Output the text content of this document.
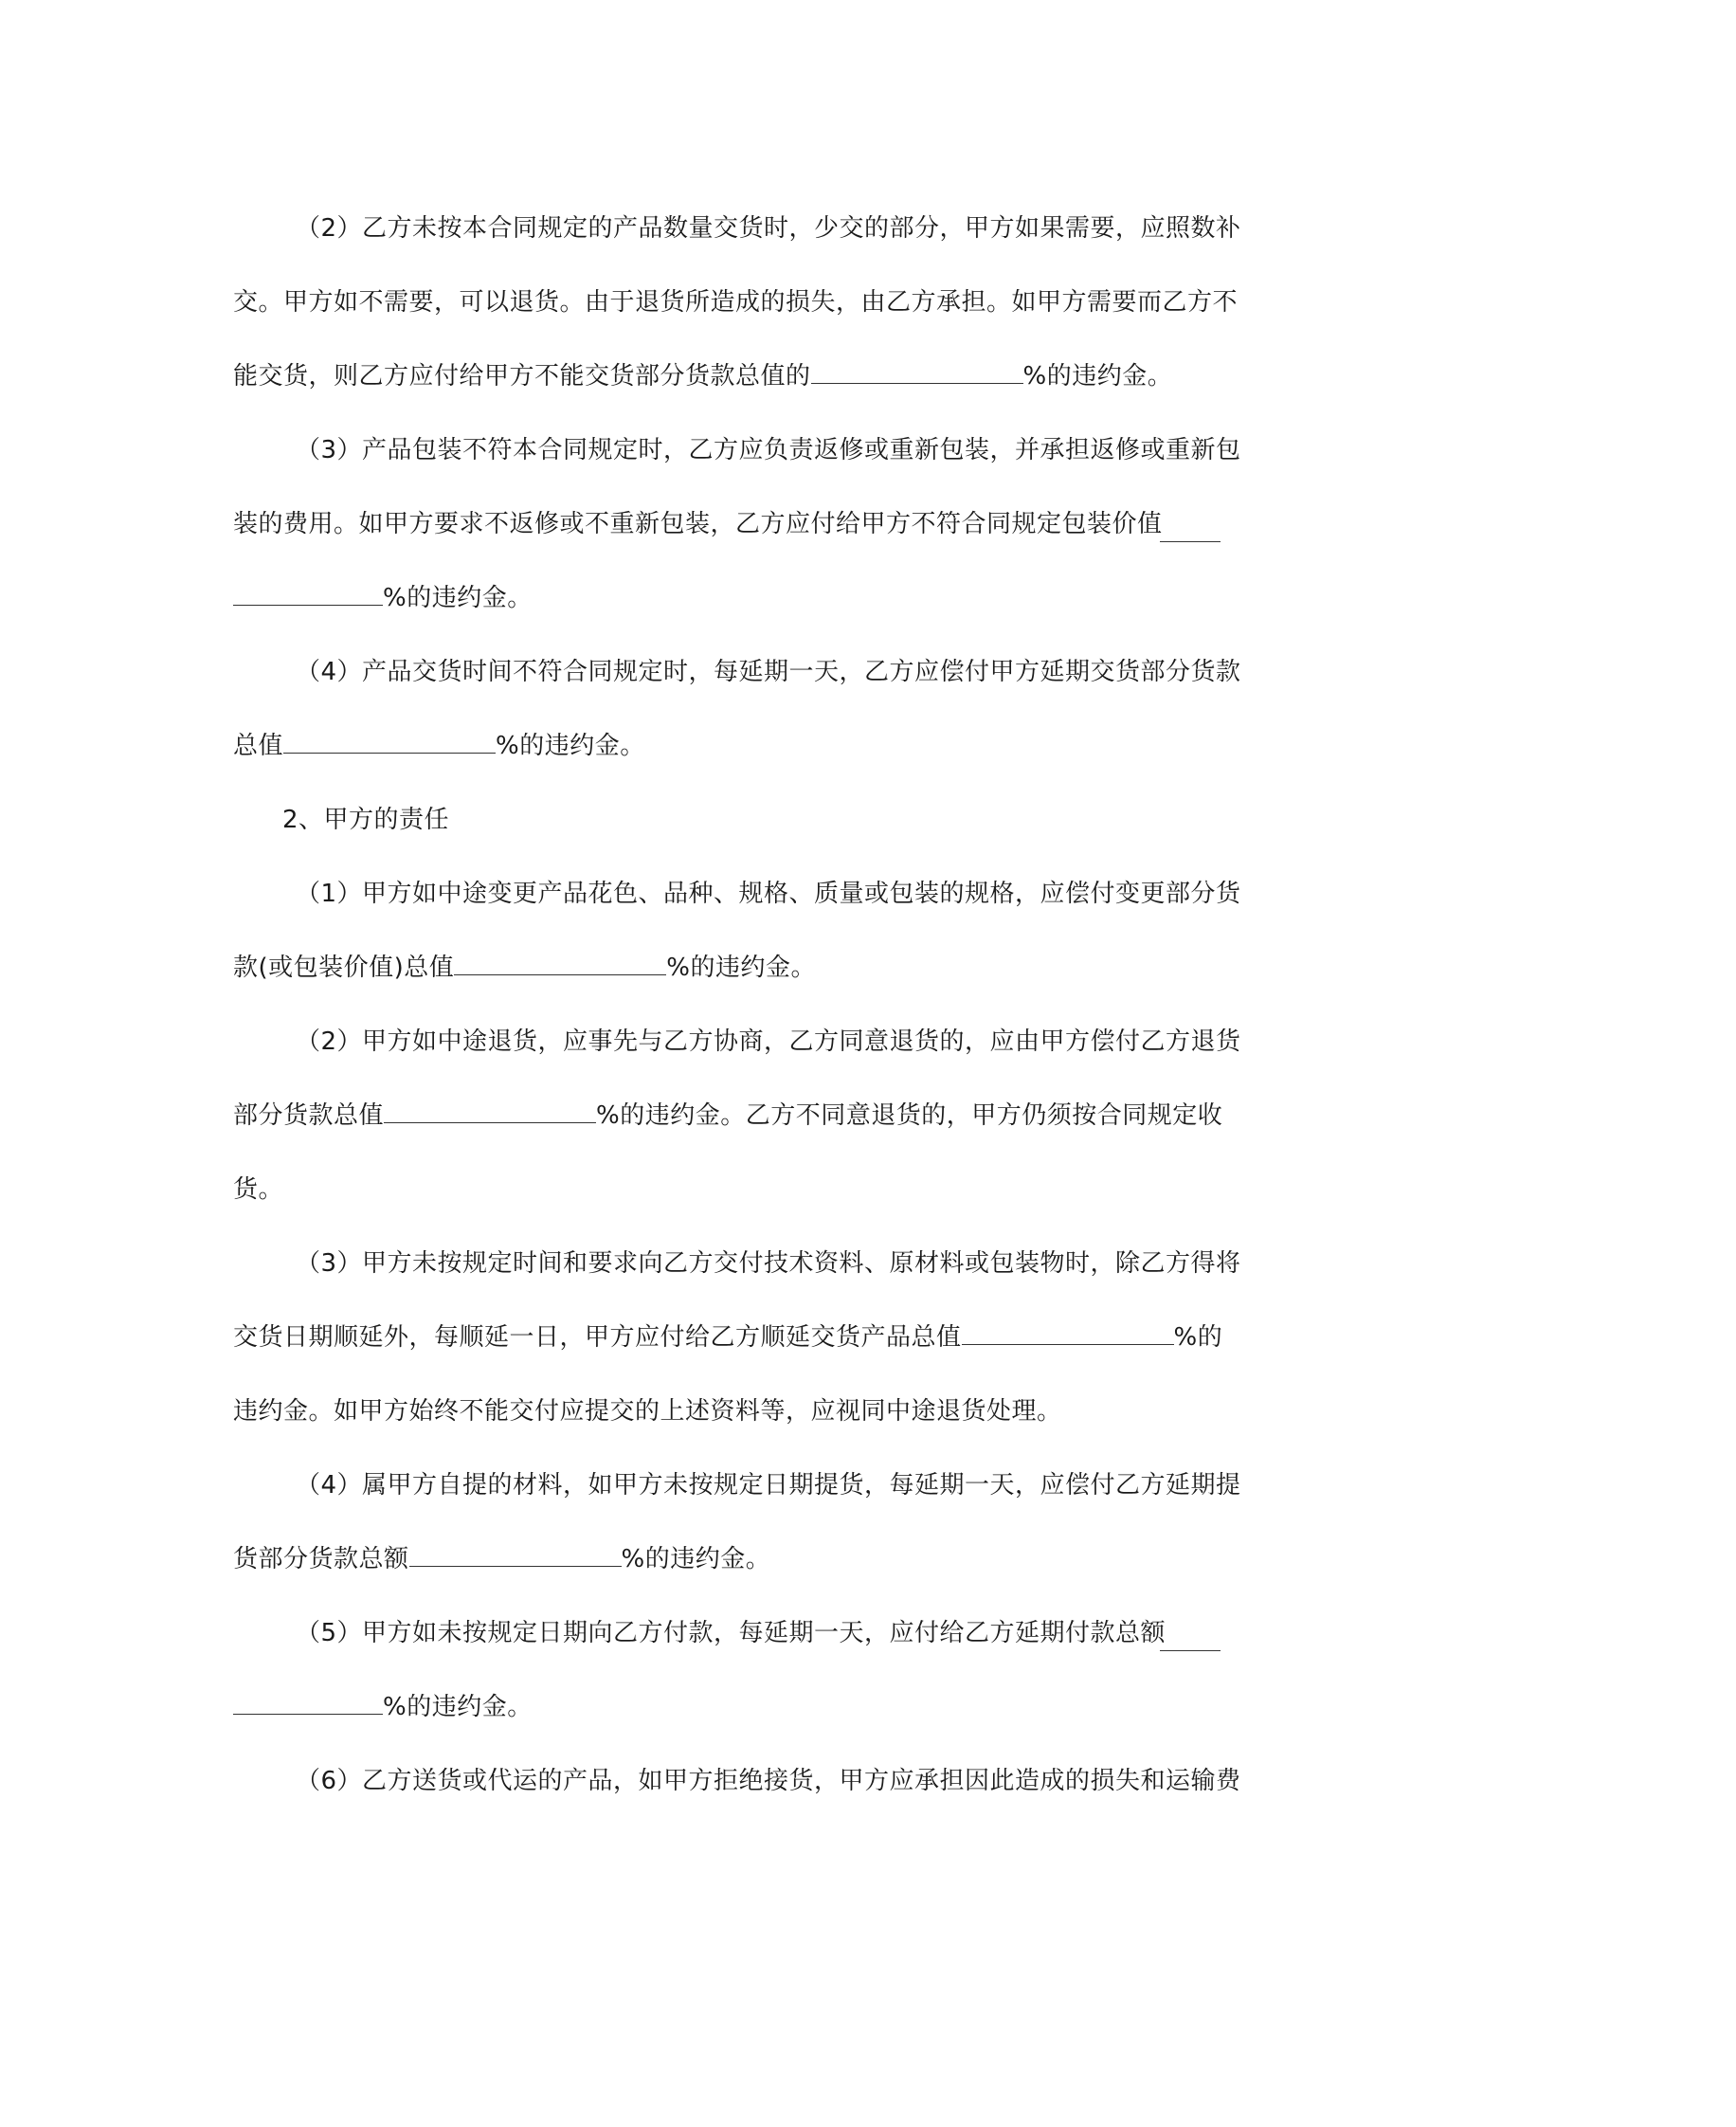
（2）乙方未按本合同规定的产品数量交货时，少交的部分，甲方如果需要，应照数补
交。甲方如不需要，可以退货。由于退货所造成的损失，由乙方承担。如甲方需要而乙方不
能交货，则乙方应付给甲方不能交货部分货款总值的	%的违约金。
（3）产品包装不符本合同规定时，乙方应负责返修或重新包装，并承担返修或重新包
装的费用。如甲方要求不返修或不重新包装，乙方应付给甲方不符合同规定包装价值
%的违约金。
（4）产品交货时间不符合同规定时，每延期一天，乙方应偿付甲方延期交货部分货款
总值	%的违约金。
2、甲方的责任
（1）甲方如中途变更产品花色、品种、规格、质量或包装的规格，应偿付变更部分货
款(或包装价值)总值	%的违约金。
（2）甲方如中途退货，应事先与乙方协商，乙方同意退货的，应由甲方偿付乙方退货
部分货款总值	%的违约金。乙方不同意退货的，甲方仍须按合同规定收
货。
（3）甲方未按规定时间和要求向乙方交付技术资料、原材料或包装物时，除乙方得将
交货日期顺延外，每顺延一日，甲方应付给乙方顺延交货产品总值	%的
违约金。如甲方始终不能交付应提交的上述资料等，应视同中途退货处理。
（4）属甲方自提的材料，如甲方未按规定日期提货，每延期一天，应偿付乙方延期提
货部分货款总额	%的违约金。
（5）甲方如未按规定日期向乙方付款，每延期一天，应付给乙方延期付款总额
%的违约金。
（6）乙方送货或代运的产品，如甲方拒绝接货，甲方应承担因此造成的损失和运输费
